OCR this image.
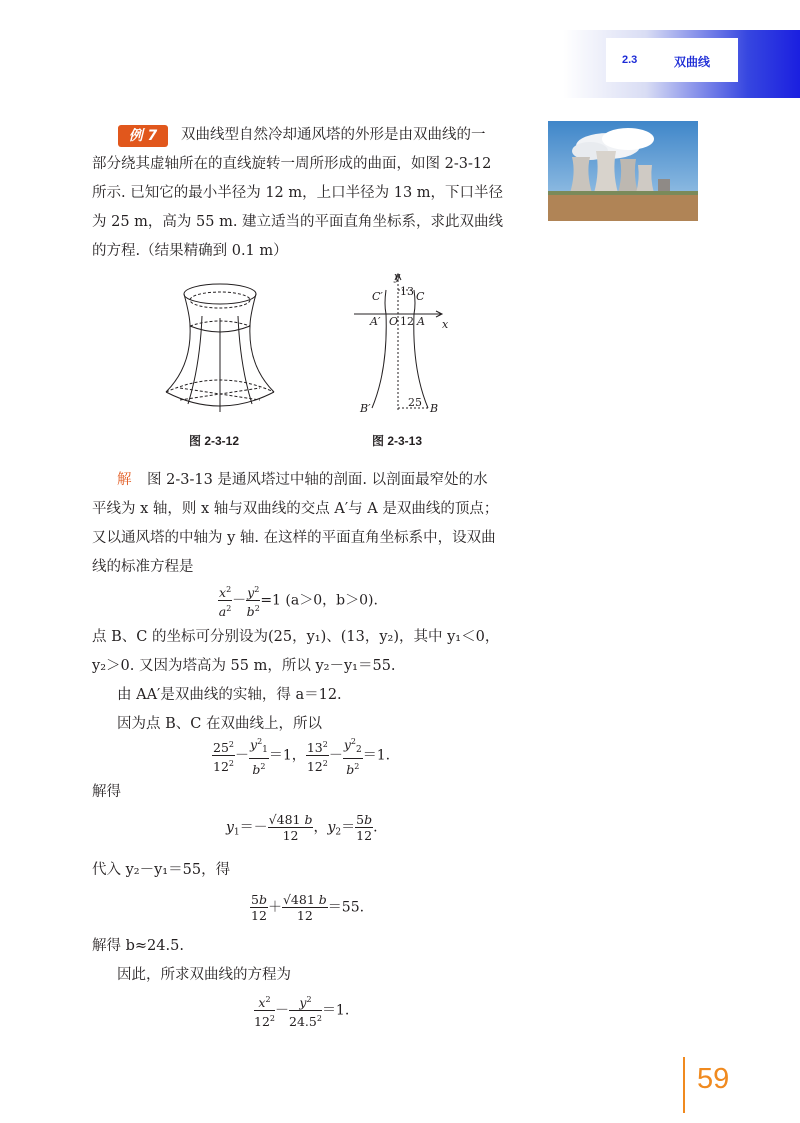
2.3	双曲线
例 7	双曲线型自然冷却通风塔的外形是由双曲线的一
部分绕其虚轴所在的直线旋转一周所形成的曲面，如图 2-3-12
所示. 已知它的最小半径为 12 m，上口半径为 13 m，下口半径
为 25 m，高为 55 m. 建立适当的平面直角坐标系，求此双曲线
的方程.（结果精确到 0.1 m）
图 2-3-12
y
x
C′	C
13
A′ O 12 A
B′	B
25
图 2-3-13
解 图 2-3-13 是通风塔过中轴的剖面. 以剖面最窄处的水
平线为 x 轴，则 x 轴与双曲线的交点 A′与 A 是双曲线的顶点；
又以通风塔的中轴为 y 轴. 在这样的平面直角坐标系中，设双曲
线的标准方程是
$\frac{x^2}{a^2} - \frac{y^2}{b^2} =1$ (a＞0，b＞0).
点 B、C 的坐标可分别设为(25，y₁)、(13，y₂)，其中 y₁＜0，
y₂＞0. 又因为塔高为 55 m，所以 y₂－y₁＝55.
由 AA′是双曲线的实轴，得 a＝12.
因为点 B、C 在双曲线上，所以
$\frac{25^2}{12^2} - \frac{y^2_1}{b^2} =1$， $\frac{13^2}{12^2} - \frac{y^2_2}{b^2} =1$.
解得
$y_1=- \frac{√481 b}{12}$ ，$y_2= \frac{5b}{12}$ .
代入 y₂－y₁＝55，得
$\frac{5b}{12} + \frac{√481 b}{12} =55$.
解得 b≈24.5.
因此，所求双曲线的方程为
$\frac{x^2}{12^2} - \frac{y^2}{24.5^2} =1$.
59
